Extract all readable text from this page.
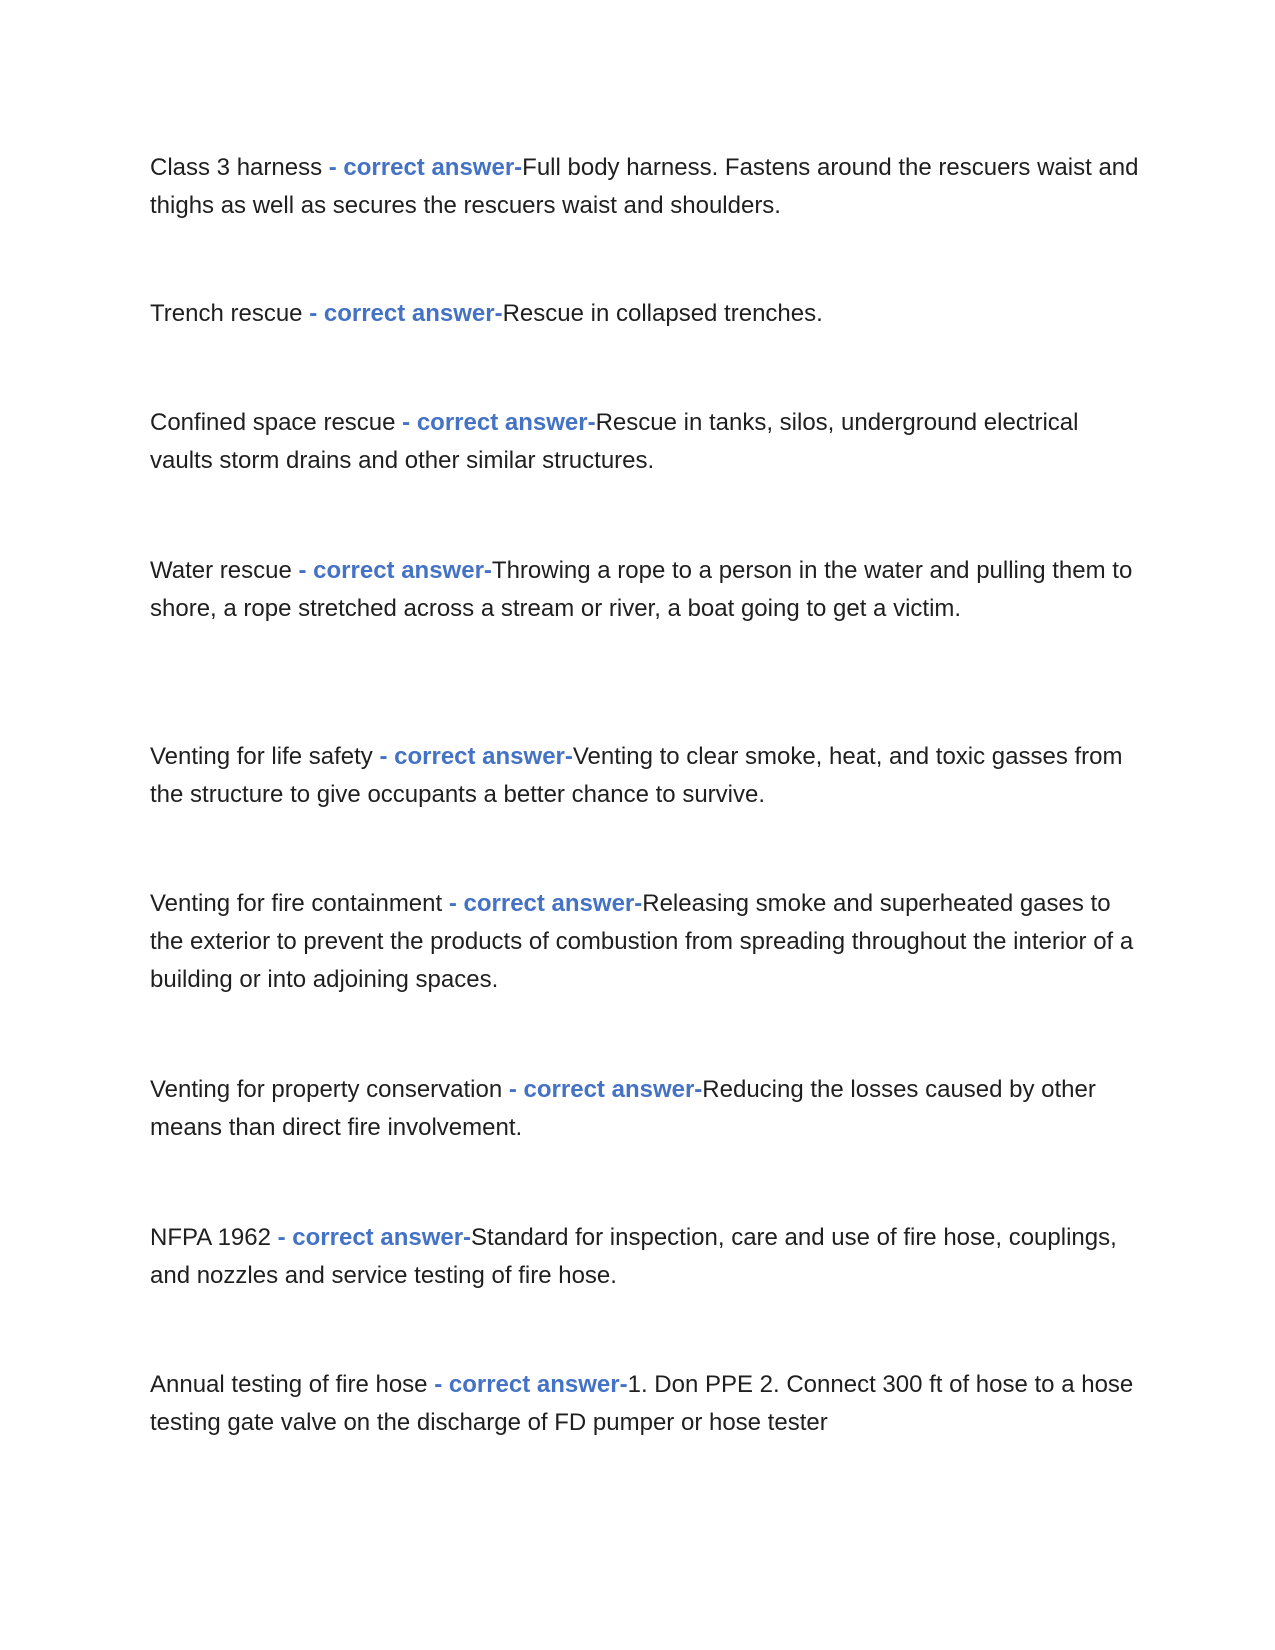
Class 3 harness - correct answer-Full body harness. Fastens around the rescuers waist and thighs as well as secures the rescuers waist and shoulders.

Trench rescue - correct answer-Rescue in collapsed trenches.

Confined space rescue - correct answer-Rescue in tanks, silos, underground electrical vaults storm drains and other similar structures.

Water rescue - correct answer-Throwing a rope to a person in the water and pulling them to shore, a rope stretched across a stream or river, a boat going to get a victim.

Venting for life safety - correct answer-Venting to clear smoke, heat, and toxic gasses from the structure to give occupants a better chance to survive.

Venting for fire containment - correct answer-Releasing smoke and superheated gases to the exterior to prevent the products of combustion from spreading throughout the interior of a building or into adjoining spaces.

Venting for property conservation - correct answer-Reducing the losses caused by other means than direct fire involvement.

NFPA 1962 - correct answer-Standard for inspection, care and use of fire hose, couplings, and nozzles and service testing of fire hose.

Annual testing of fire hose - correct answer-1. Don PPE 2. Connect 300 ft of hose to a hose testing gate valve on the discharge of FD pumper or hose tester
